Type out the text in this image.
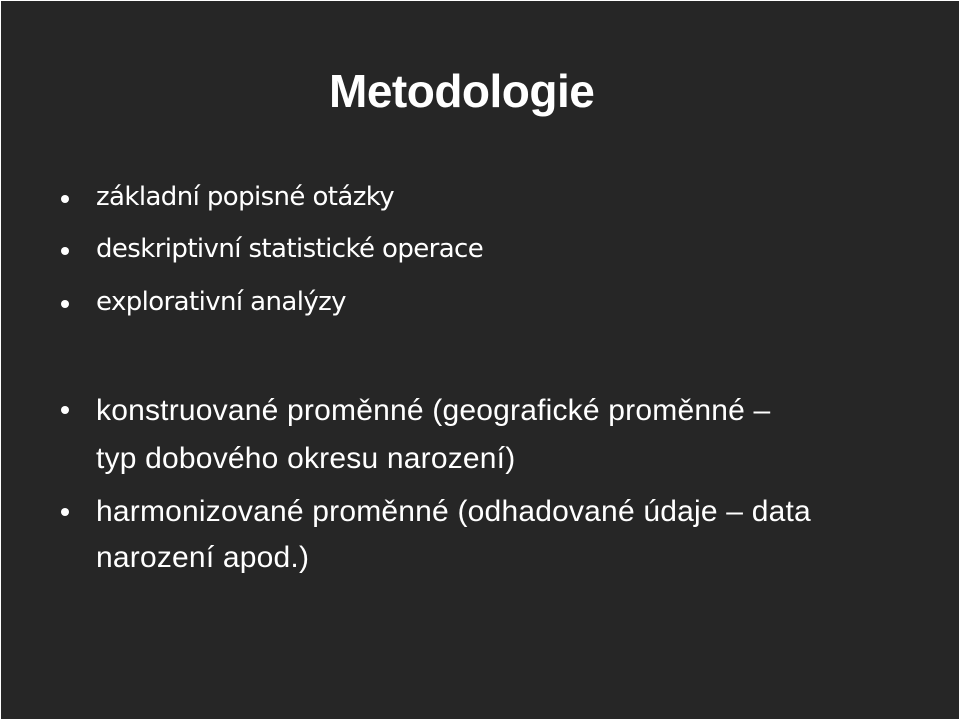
Metodologie
základní popisné otázky
deskriptivní statistické operace
explorativní analýzy
konstruované proměnné (geografické proměnné –
typ dobového okresu narození)
harmonizované proměnné (odhadované údaje – data
narození apod.)
